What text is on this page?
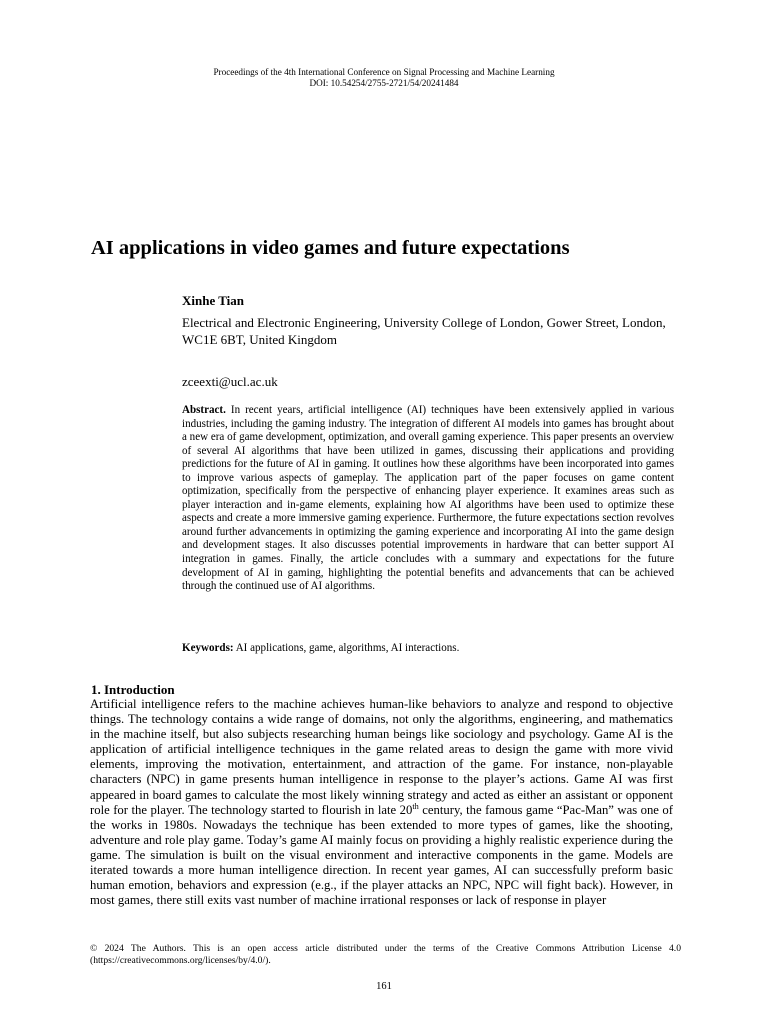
Proceedings of the 4th International Conference on Signal Processing and Machine Learning
DOI: 10.54254/2755-2721/54/20241484
AI applications in video games and future expectations
Xinhe Tian
Electrical and Electronic Engineering, University College of London, Gower Street, London, WC1E 6BT, United Kingdom
zceexti@ucl.ac.uk
Abstract. In recent years, artificial intelligence (AI) techniques have been extensively applied in various industries, including the gaming industry. The integration of different AI models into games has brought about a new era of game development, optimization, and overall gaming experience. This paper presents an overview of several AI algorithms that have been utilized in games, discussing their applications and providing predictions for the future of AI in gaming. It outlines how these algorithms have been incorporated into games to improve various aspects of gameplay. The application part of the paper focuses on game content optimization, specifically from the perspective of enhancing player experience. It examines areas such as player interaction and in-game elements, explaining how AI algorithms have been used to optimize these aspects and create a more immersive gaming experience. Furthermore, the future expectations section revolves around further advancements in optimizing the gaming experience and incorporating AI into the game design and development stages. It also discusses potential improvements in hardware that can better support AI integration in games. Finally, the article concludes with a summary and expectations for the future development of AI in gaming, highlighting the potential benefits and advancements that can be achieved through the continued use of AI algorithms.
Keywords: AI applications, game, algorithms, AI interactions.
1. Introduction

Artificial intelligence refers to the machine achieves human-like behaviors to analyze and respond to objective things. The technology contains a wide range of domains, not only the algorithms, engineering, and mathematics in the machine itself, but also subjects researching human beings like sociology and psychology. Game AI is the application of artificial intelligence techniques in the game related areas to design the game with more vivid elements, improving the motivation, entertainment, and attraction of the game. For instance, non-playable characters (NPC) in game presents human intelligence in response to the player’s actions. Game AI was first appeared in board games to calculate the most likely winning strategy and acted as either an assistant or opponent role for the player. The technology started to flourish in late 20th century, the famous game “Pac-Man” was one of the works in 1980s. Nowadays the technique has been extended to more types of games, like the shooting, adventure and role play game. Today’s game AI mainly focus on providing a highly realistic experience during the game. The simulation is built on the visual environment and interactive components in the game. Models are iterated towards a more human intelligence direction. In recent year games, AI can successfully preform basic human emotion, behaviors and expression (e.g., if the player attacks an NPC, NPC will fight back). However, in most games, there still exits vast number of machine irrational responses or lack of response in player

© 2024 The Authors. This is an open access article distributed under the terms of the Creative Commons Attribution License 4.0 (https://creativecommons.org/licenses/by/4.0/).
161
